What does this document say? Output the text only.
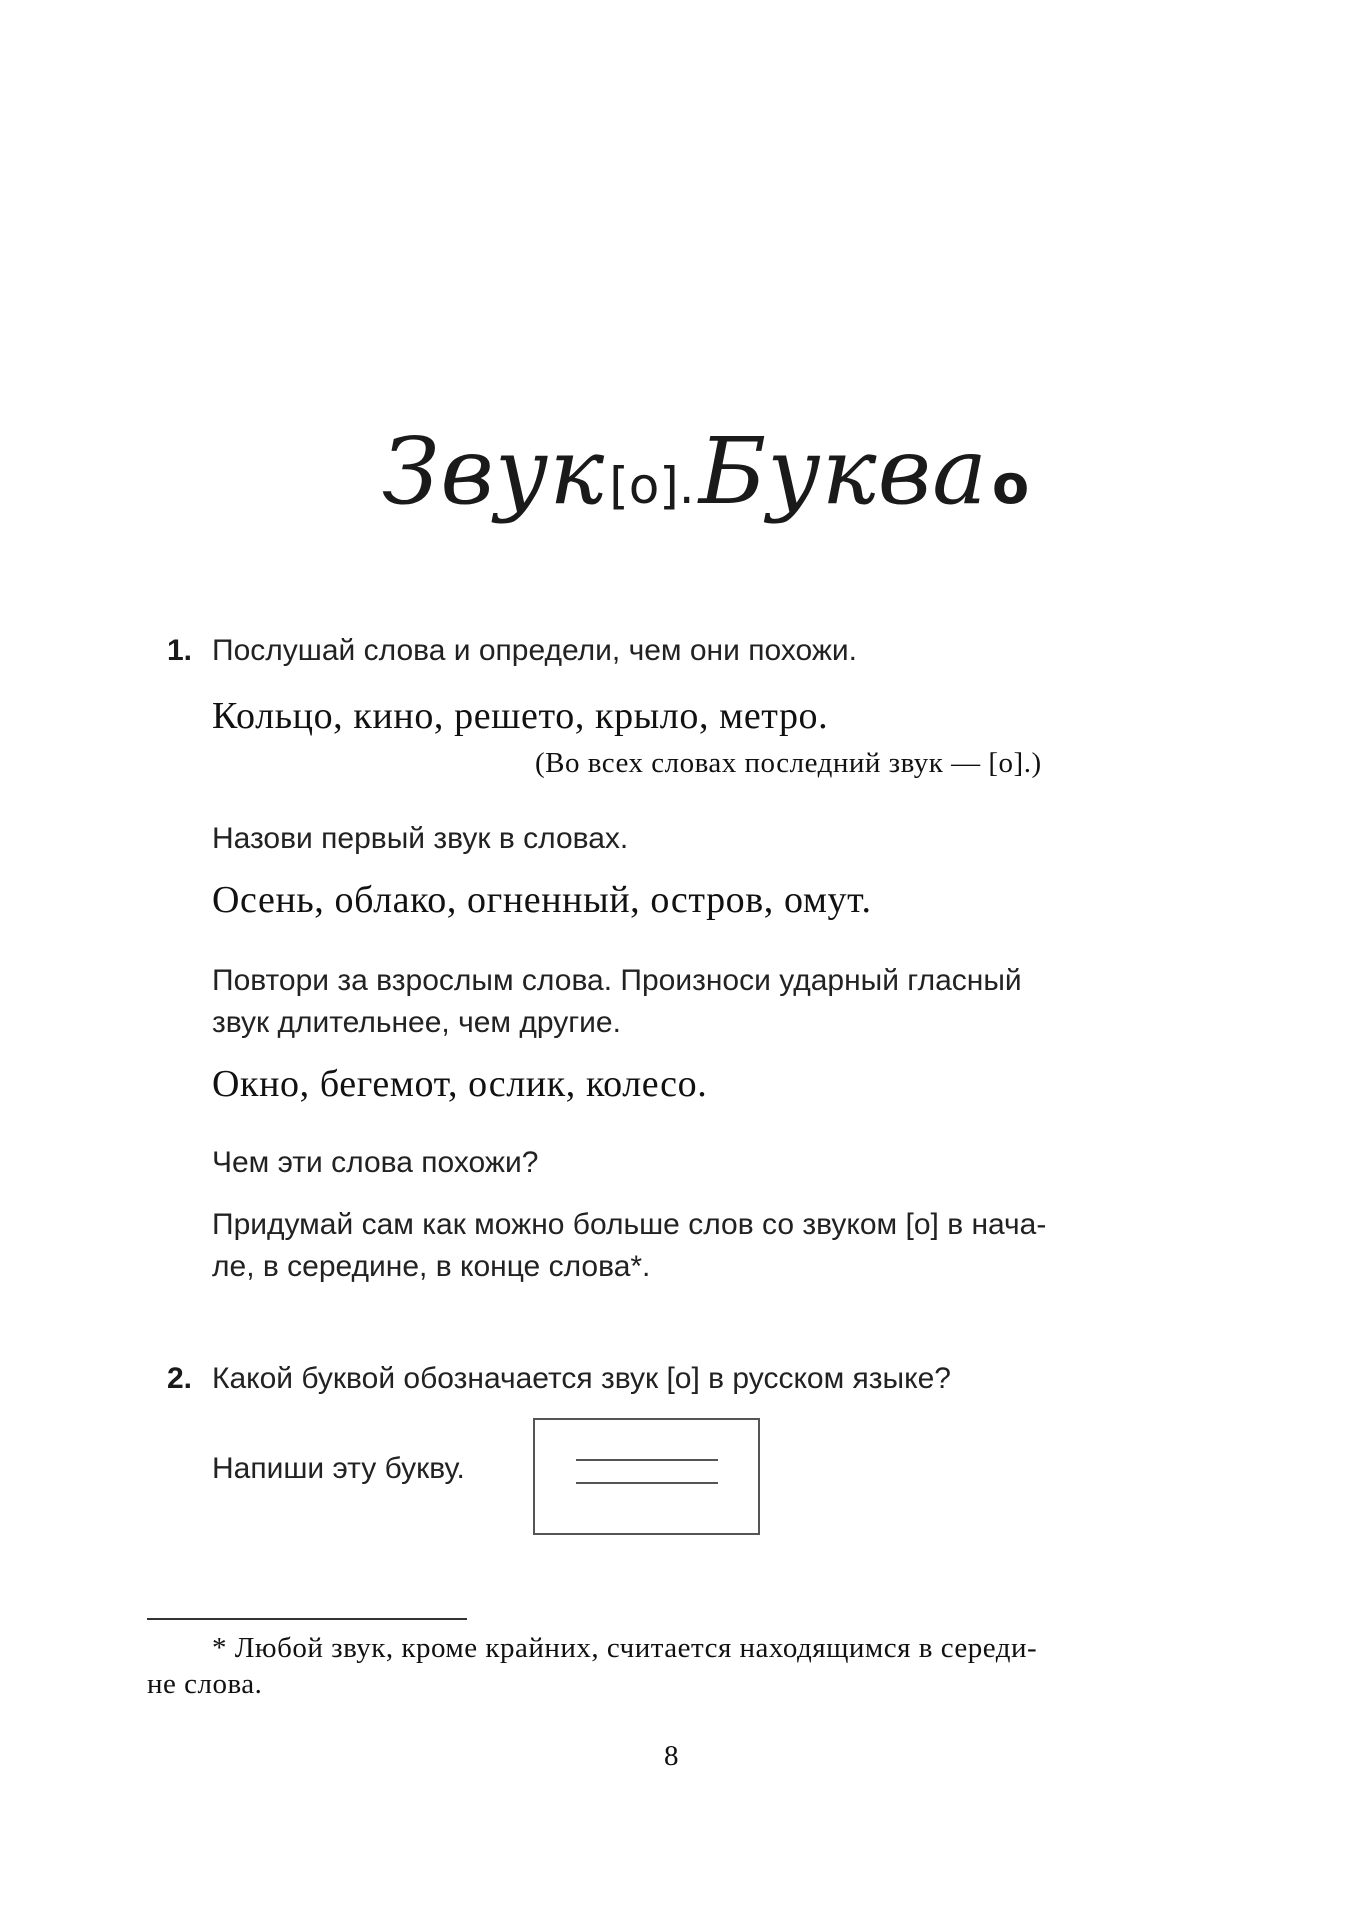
Звук [о]. Буква о
1. Послушай слова и определи, чем они похожи.
Кольцо, кино, решето, крыло, метро.
(Во всех словах последний звук — [о].)
Назови первый звук в словах.
Осень, облако, огненный, остров, омут.
Повтори за взрослым слова. Произноси ударный гласный
звук длительнее, чем другие.
Окно, бегемот, ослик, колесо.
Чем эти слова похожи?
Придумай сам как можно больше слов со звуком [о] в нача-
ле, в середине, в конце слова*.
2. Какой буквой обозначается звук [о] в русском языке?
Напиши эту букву.
* Любой звук, кроме крайних, считается находящимся в середи-
не слова.
8
